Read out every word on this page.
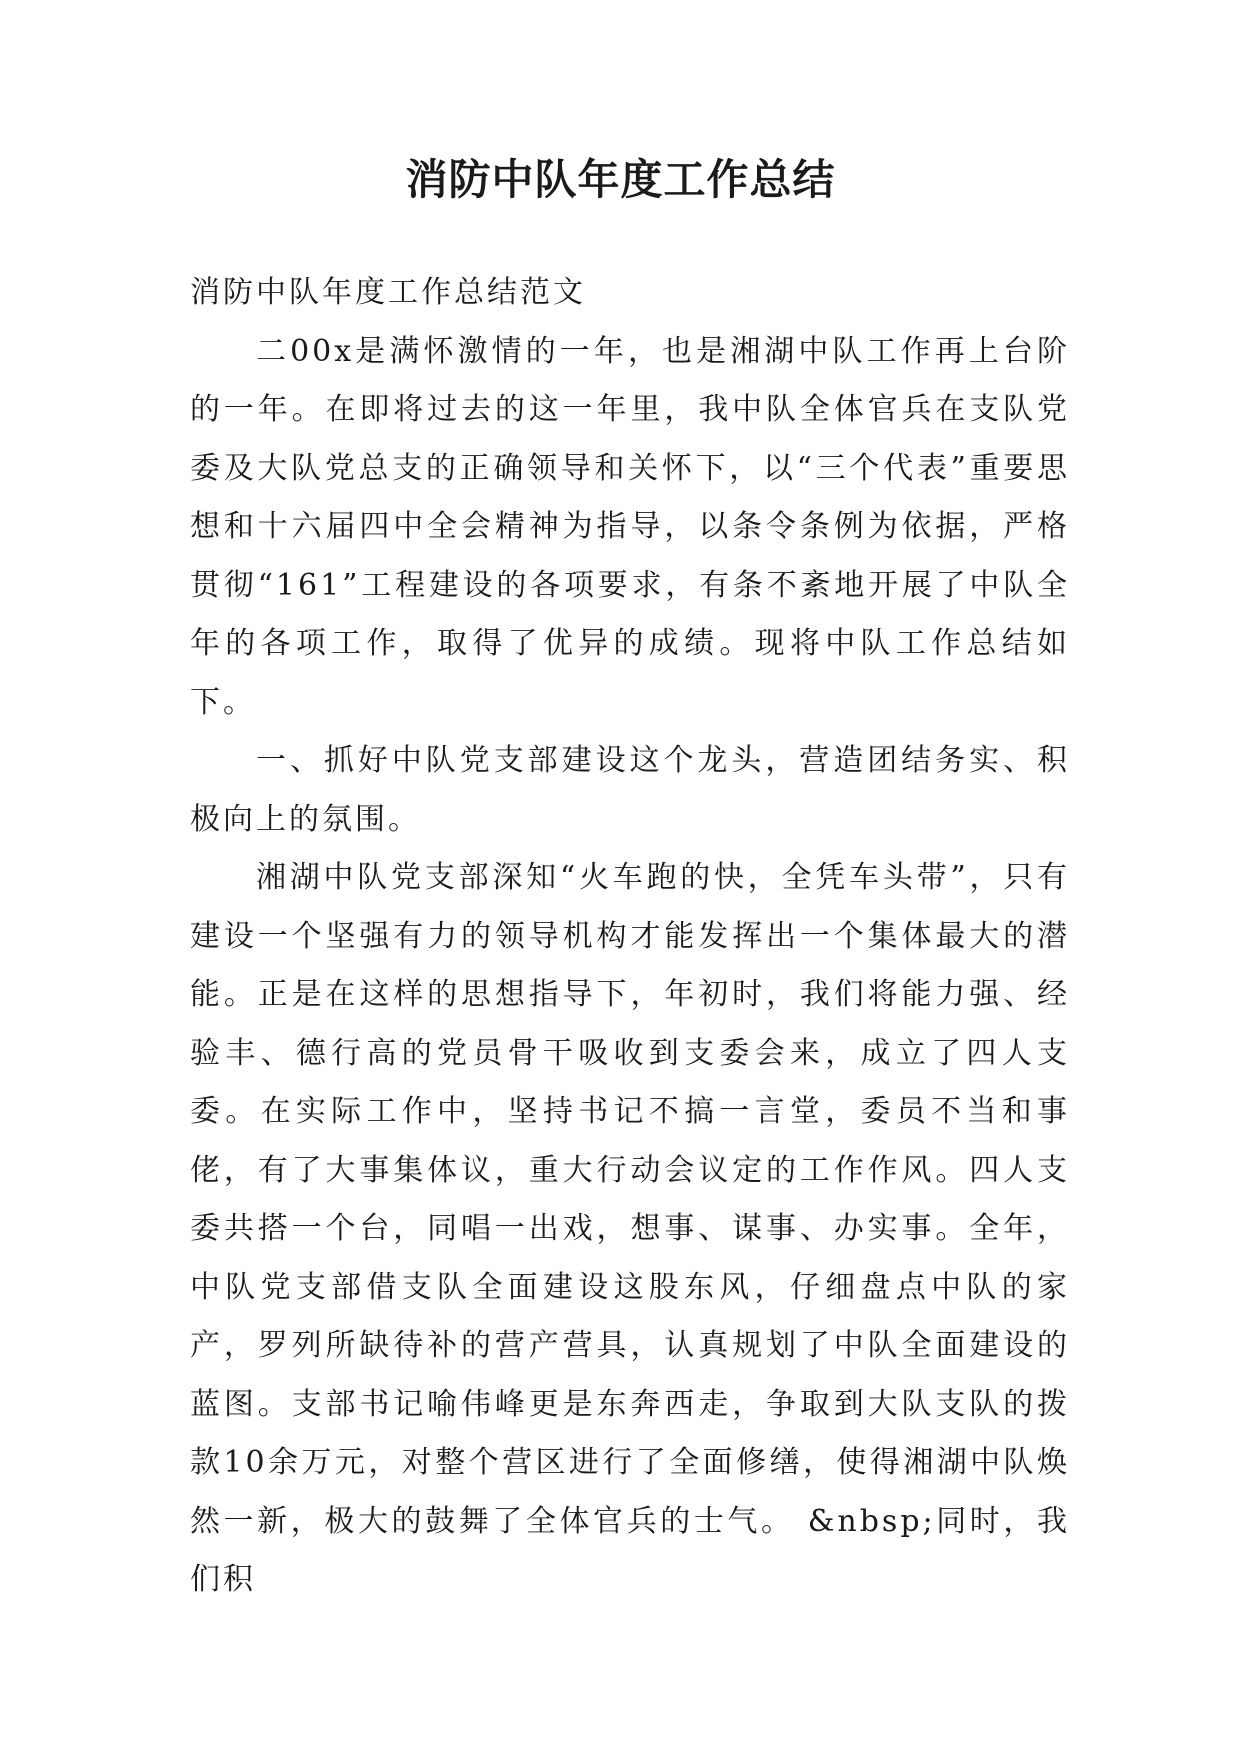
消防中队年度工作总结

消防中队年度工作总结范文

二00x是满怀激情的一年，也是湘湖中队工作再上台阶的一年。在即将过去的这一年里，我中队全体官兵在支队党委及大队党总支的正确领导和关怀下，以“三个代表”重要思想和十六届四中全会精神为指导，以条令条例为依据，严格贯彻“161”工程建设的各项要求，有条不紊地开展了中队全年的各项工作，取得了优异的成绩。现将中队工作总结如下。

一、抓好中队党支部建设这个龙头，营造团结务实、积极向上的氛围。

湘湖中队党支部深知“火车跑的快，全凭车头带”，只有建设一个坚强有力的领导机构才能发挥出一个集体最大的潜能。正是在这样的思想指导下，年初时，我们将能力强、经验丰、德行高的党员骨干吸收到支委会来，成立了四人支委。在实际工作中，坚持书记不搞一言堂，委员不当和事佬，有了大事集体议，重大行动会议定的工作作风。四人支委共搭一个台，同唱一出戏，想事、谋事、办实事。全年，中队党支部借支队全面建设这股东风，仔细盘点中队的家产，罗列所缺待补的营产营具，认真规划了中队全面建设的蓝图。支部书记喻伟峰更是东奔西走，争取到大队支队的拨款10余万元，对整个营区进行了全面修缮，使得湘湖中队焕然一新，极大的鼓舞了全体官兵的士气。 &nbsp;同时，我们积
